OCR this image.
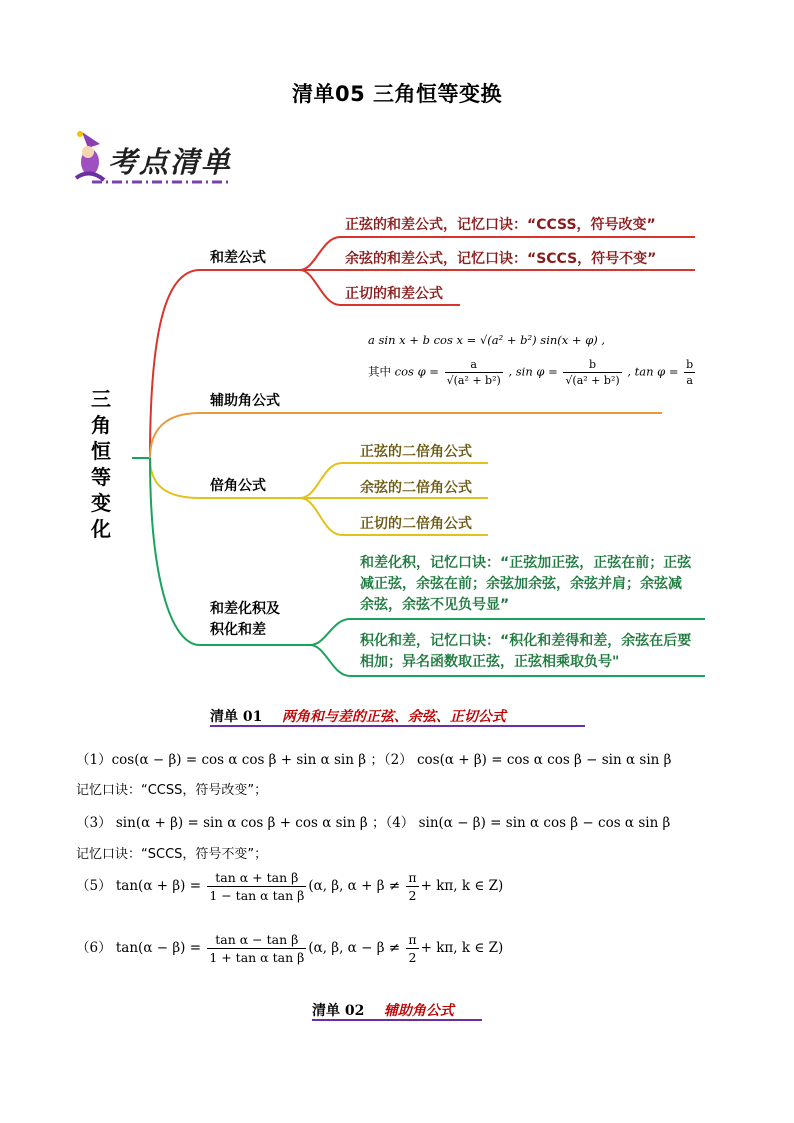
清单05 三角恒等变换
考点清单
三
角
恒
等
变
化
和差公式
正弦的和差公式，记忆口诀：“CCSS，符号改变”
余弦的和差公式，记忆口诀：“SCCS，符号不变”
正切的和差公式
辅助角公式
a sin x + b cos x = √(a² + b²) sin(x + φ) ,
其中 $\cos \varphi = \frac{a}{\text{√(a² + b²)}}$ , $\sin \varphi = \frac{b}{\text{√(a² + b²)}}$ , $\tan \varphi = \frac{b}{a}$
倍角公式
正弦的二倍角公式
余弦的二倍角公式
正切的二倍角公式
和差化积及
积化和差
和差化积，记忆口诀：“正弦加正弦，正弦在前；正弦减正弦，余弦在前；余弦加余弦，余弦并肩；余弦减余弦，余弦不见负号显”
积化和差，记忆口诀：“积化和差得和差，余弦在后要相加；异名函数取正弦，正弦相乘取负号"
清单 01 两角和与差的正弦、余弦、正切公式
（1）cos(α − β) = cos α cos β + sin α sin β ；（2） cos(α + β) = cos α cos β − sin α sin β
记忆口诀：“CCSS，符号改变”；
（3） sin(α + β) = sin α cos β + cos α sin β ；（4） sin(α − β) = sin α cos β − cos α sin β
记忆口诀：“SCCS，符号不变”；
（5） $\tan(\alpha + \beta) = \frac{\text{tan α + tan β}}{\text{1 − tan α tan β}} (\alpha$, β, $\alpha + \beta \ne \frac{\pi}{2} + k\pi$, k ∈ Z)
（6） $\tan(\alpha - \beta) = \frac{\text{tan α − tan β}}{\text{1 + tan α tan β}} (\alpha$, β, $\alpha - \beta \ne \frac{\pi}{2} + k\pi$, k ∈ Z)
清单 02 辅助角公式
